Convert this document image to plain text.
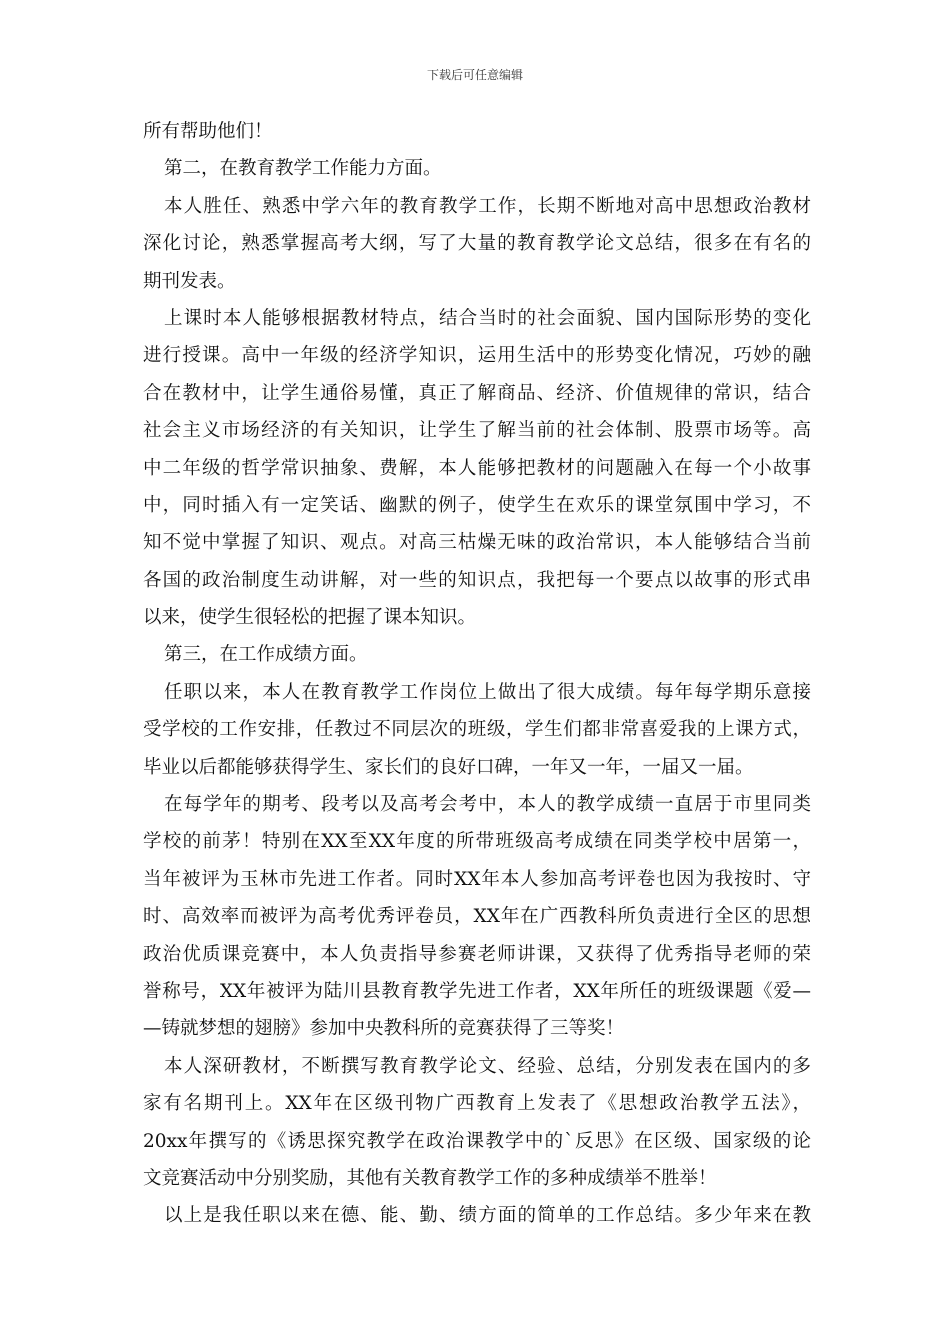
下载后可任意编辑
所有帮助他们！
第二，在教育教学工作能力方面。
本人胜任、熟悉中学六年的教育教学工作，长期不断地对高中思想政治教材
深化讨论，熟悉掌握高考大纲，写了大量的教育教学论文总结，很多在有名的
期刊发表。
上课时本人能够根据教材特点，结合当时的社会面貌、国内国际形势的变化
进行授课。高中一年级的经济学知识，运用生活中的形势变化情况，巧妙的融
合在教材中，让学生通俗易懂，真正了解商品、经济、价值规律的常识，结合
社会主义市场经济的有关知识，让学生了解当前的社会体制、股票市场等。高
中二年级的哲学常识抽象、费解，本人能够把教材的问题融入在每一个小故事
中，同时插入有一定笑话、幽默的例子，使学生在欢乐的课堂氛围中学习，不
知不觉中掌握了知识、观点。对高三枯燥无味的政治常识，本人能够结合当前
各国的政治制度生动讲解，对一些的知识点，我把每一个要点以故事的形式串
以来，使学生很轻松的把握了课本知识。
第三，在工作成绩方面。
任职以来，本人在教育教学工作岗位上做出了很大成绩。每年每学期乐意接
受学校的工作安排，任教过不同层次的班级，学生们都非常喜爱我的上课方式，
毕业以后都能够获得学生、家长们的良好口碑，一年又一年，一届又一届。
在每学年的期考、段考以及高考会考中，本人的教学成绩一直居于市里同类
学校的前茅！特别在XX至XX年度的所带班级高考成绩在同类学校中居第一，
当年被评为玉林市先进工作者。同时XX年本人参加高考评卷也因为我按时、守
时、高效率而被评为高考优秀评卷员，XX年在广西教科所负责进行全区的思想
政治优质课竞赛中，本人负责指导参赛老师讲课，又获得了优秀指导老师的荣
誉称号，XX年被评为陆川县教育教学先进工作者，XX年所任的班级课题《爱—
—铸就梦想的翅膀》参加中央教科所的竞赛获得了三等奖！
本人深研教材，不断撰写教育教学论文、经验、总结，分别发表在国内的多
家有名期刊上。XX年在区级刊物广西教育上发表了《思想政治教学五法》，
20xx年撰写的《诱思探究教学在政治课教学中的`反思》在区级、国家级的论
文竞赛活动中分别奖励，其他有关教育教学工作的多种成绩举不胜举！
以上是我任职以来在德、能、勤、绩方面的简单的工作总结。多少年来在教
